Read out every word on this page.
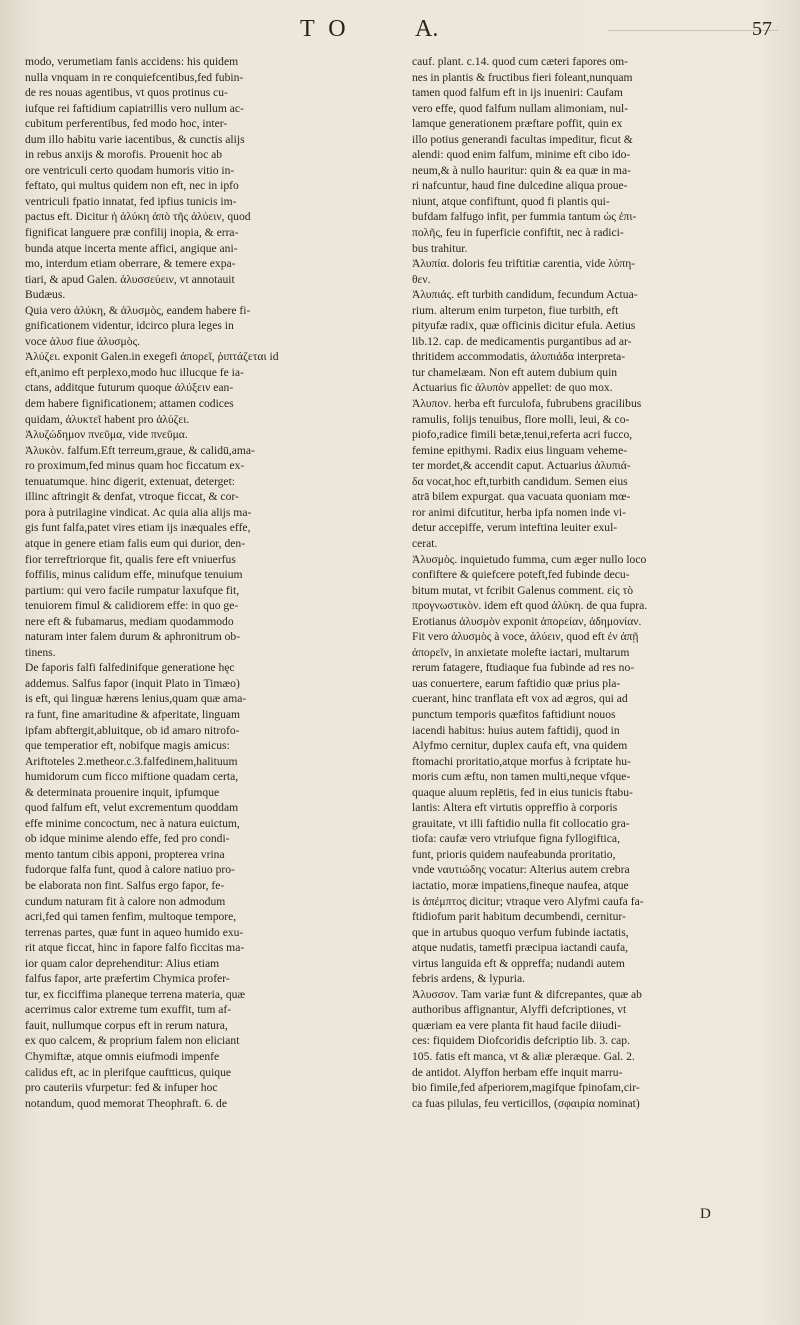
T O	A.	57
modo, verumetiam fanis accidens: his quidem
nulla vnquam in re conquiefcentibus,fed fubin-
de res nouas agentibus, vt quos protinus cu-
iufque rei faftidium capiatrillis vero nullum ac-
cubitum perferentibus, fed modo hoc, inter-
dum illo habitu varie iacentibus, & cunctis alijs
in rebus anxijs & morofis. Prouenit hoc ab
ore ventriculi certo quodam humoris vitio in-
feftato, qui multus quidem non eft, nec in ipfo
ventriculi fpatio innatat, fed ipfius tunicis im-
pactus eft. Dicitur ἡ ἀλύκη ἀπὸ τῆς ἀλύειν, quod
fignificat languere præ confilij inopia, & erra-
bunda atque incerta mente affici, angique ani-
mo, interdum etiam oberrare, & temere expa-
tiari, & apud Galen. ἀλυσσεύειν, vt annotauit
Budæus.
Quia vero ἀλύκη, & ἀλυσμὸς, eandem habere fi-
gnificationem videntur, idcirco plura leges in
voce ἀλυσ fiue ἀλυσμὸς.
Ἀλύζει. exponit Galen.in exegefi ἀπορεῖ, ῥιπτάζεται id
eft,animo eft perplexo,modo huc illucque fe ia-
ctans, additque futurum quoque ἀλύξειν ean-
dem habere fignificationem; attamen codices
quidam, ἀλυκτεῖ habent pro ἀλύζει.
Ἀλυζώδημον πνεῦμα, vide πνεῦμα.
Ἀλυκὸν. falfum.Eft terreum,graue, & calidū,ama-
ro proximum,fed minus quam hoc ficcatum ex-
tenuatumque. hinc digerit, extenuat, deterget:
illinc aftringit & denfat, vtroque ficcat, & cor-
pora à putrilagine vindicat. Ac quia alia alijs ma-
gis funt falfa,patet vires etiam ijs inæquales effe,
atque in genere etiam falis eum qui durior, den-
fior terreftriorque fit, qualis fere eft vniuerfus
foffilis, minus calidum effe, minufque tenuium
partium: qui vero facile rumpatur laxufque fit,
tenuiorem fimul & calidiorem effe: in quo ge-
nere eft & fubamarus, mediam quodammodo
naturam inter falem durum & aphronitrum ob-
tinens.
De faporis falfi falfedinifque generatione hęc
addemus. Salfus fapor (inquit Plato in Timæo)
is eft, qui linguæ hærens lenius,quam quæ ama-
ra funt, fine amaritudine & afperitate, linguam
ipfam abftergit,abluitque, ob id amaro nitrofo-
que temperatior eft, nobifque magis amicus:
Ariftoteles 2.metheor.c.3.falfedinem,halituum
humidorum cum ficco miftione quadam certa,
& determinata prouenire inquit, ipfumque
quod falfum eft, velut excrementum quoddam
effe minime concoctum, nec à natura euictum,
ob idque minime alendo effe, fed pro condi-
mento tantum cibis apponi, propterea vrina
fudorque falfa funt, quod à calore natiuo pro-
be elaborata non fint. Salfus ergo fapor, fe-
cundum naturam fit à calore non admodum
acri,fed qui tamen fenfim, multoque tempore,
terrenas partes, quæ funt in aqueo humido exu-
rit atque ficcat, hinc in fapore falfo ficcitas ma-
ior quam calor deprehenditur: Alius etiam
falfus fapor, arte præfertim Chymica profer-
tur, ex ficciffima planeque terrena materia, quæ
acerrimus calor extreme tum exuffit, tum af-
fauit, nullumque corpus eft in rerum natura,
ex quo calcem, & proprium falem non eliciant
Chymiftæ, atque omnis eiufmodi impenfe
calidus eft, ac in plerifque cauftticus, quique
pro cauteriis vfurpetur: fed & infuper hoc
notandum, quod memorat Theophraft. 6. de
cauf. plant. c.14. quod cum cæteri fapores om-
nes in plantis & fructibus fieri foleant,nunquam
tamen quod falfum eft in ijs inueniri: Caufam
vero effe, quod falfum nullam alimoniam, nul-
lamque generationem præftare poffit, quin ex
illo potius generandi facultas impeditur, ficut &
alendi: quod enim falfum, minime eft cibo ido-
neum,& à nullo hauritur: quin & ea quæ in ma-
ri nafcuntur, haud fine dulcedine aliqua proue-
niunt, atque confiftunt, quod fi plantis qui-
bufdam falfugo infit, per fummia tantum ὡς ἐπι-
πολῆς, feu in fuperficie confiftit, nec à radici-
bus trahitur.
Ἀλυπία. doloris feu triftitiæ carentia, vide λύπη-
θεν.
Ἀλυπιάς. eft turbith candidum, fecundum Actua-
rium. alterum enim turpeton, fiue turbith, eft
pityufæ radix, quæ officinis dicitur efula. Aetius
lib.12. cap. de medicamentis purgantibus ad ar-
thritidem accommodatis, ἀλυπιάδα interpreta-
tur chamelæam. Non eft autem dubium quin
Actuarius fic ἀλυπὸν appellet: de quo mox.
Ἀλυπον. herba eft furculofa, fubrubens gracilibus
ramulis, folijs tenuibus, flore molli, leui, & co-
piofo,radice fimili betæ,tenui,referta acri fucco,
femine epithymi. Radix eius linguam veheme-
ter mordet,& accendit caput. Actuarius ἀλυπιά-
δα vocat,hoc eft,turbith candidum. Semen eius
atrā bilem expurgat. qua vacuata quoniam mœ-
ror animi difcutitur, herba ipfa nomen inde vi-
detur accepiffe, verum inteftina leuiter exul-
cerat.
Ἀλυσμὸς. inquietudo fumma, cum æger nullo loco
confiftere & quiefcere poteft,fed fubinde decu-
bitum mutat, vt fcribit Galenus comment. εἰς τὸ
προγνωστικὸν. idem eft quod ἀλύκη. de qua fupra.
Erotianus ἀλυσμὸν exponit ἀπορείαν, ἀδημονίαν.
Fit vero ἀλυσμὸς à voce, ἀλύειν, quod eft ἐν ἀπῇ
ἀπορεῖν, in anxietate molefte iactari, multarum
rerum fatagere, ftudiaque fua fubinde ad res no-
uas conuertere, earum faftidio quæ prius pla-
cuerant, hinc tranflata eft vox ad ægros, qui ad
punctum temporis quæfitos faftidiunt nouos
iacendi habitus: huius autem faftidij, quod in
Alyfmo cernitur, duplex caufa eft, vna quidem
ftomachi proritatio,atque morfus à fcriptate hu-
moris cum æftu, non tamen multi,neque vfque-
quaque aluum replētis, fed in eius tunicis ftabu-
lantis: Altera eft virtutis oppreffio à corporis
grauitate, vt illi faftidio nulla fit collocatio gra-
tiofa: caufæ vero vtriufque figna fyllogiftica,
funt, prioris quidem naufeabunda proritatio,
vnde ναυτιώδης vocatur: Alterius autem crebra
iactatio, moræ impatiens,fineque naufea, atque
is ἀπέμπτος dicitur; vtraque vero Alyfmi caufa fa-
ftidiofum parit habitum decumbendi, cernitur-
que in artubus quoquo verfum fubinde iactatis,
atque nudatis, tametfi præcipua iactandi caufa,
virtus languida eft & oppreffa; nudandi autem
febris ardens, & lypuria.
Ἀλυσσον. Tam variæ funt & difcrepantes, quæ ab
authoribus affignantur, Alyffi defcriptiones, vt
quæriam ea vere planta fit haud facile diiudi-
ces: fiquidem Diofcoridis defcriptio lib. 3. cap.
105. fatis eft manca, vt & aliæ pleræque. Gal. 2.
de antidot. Alyffon herbam effe inquit marru-
bio fimile,fed afperiorem,magifque fpinofam,cir-
ca fuas pilulas, feu verticillos, (σφαιρία nominat)
D
